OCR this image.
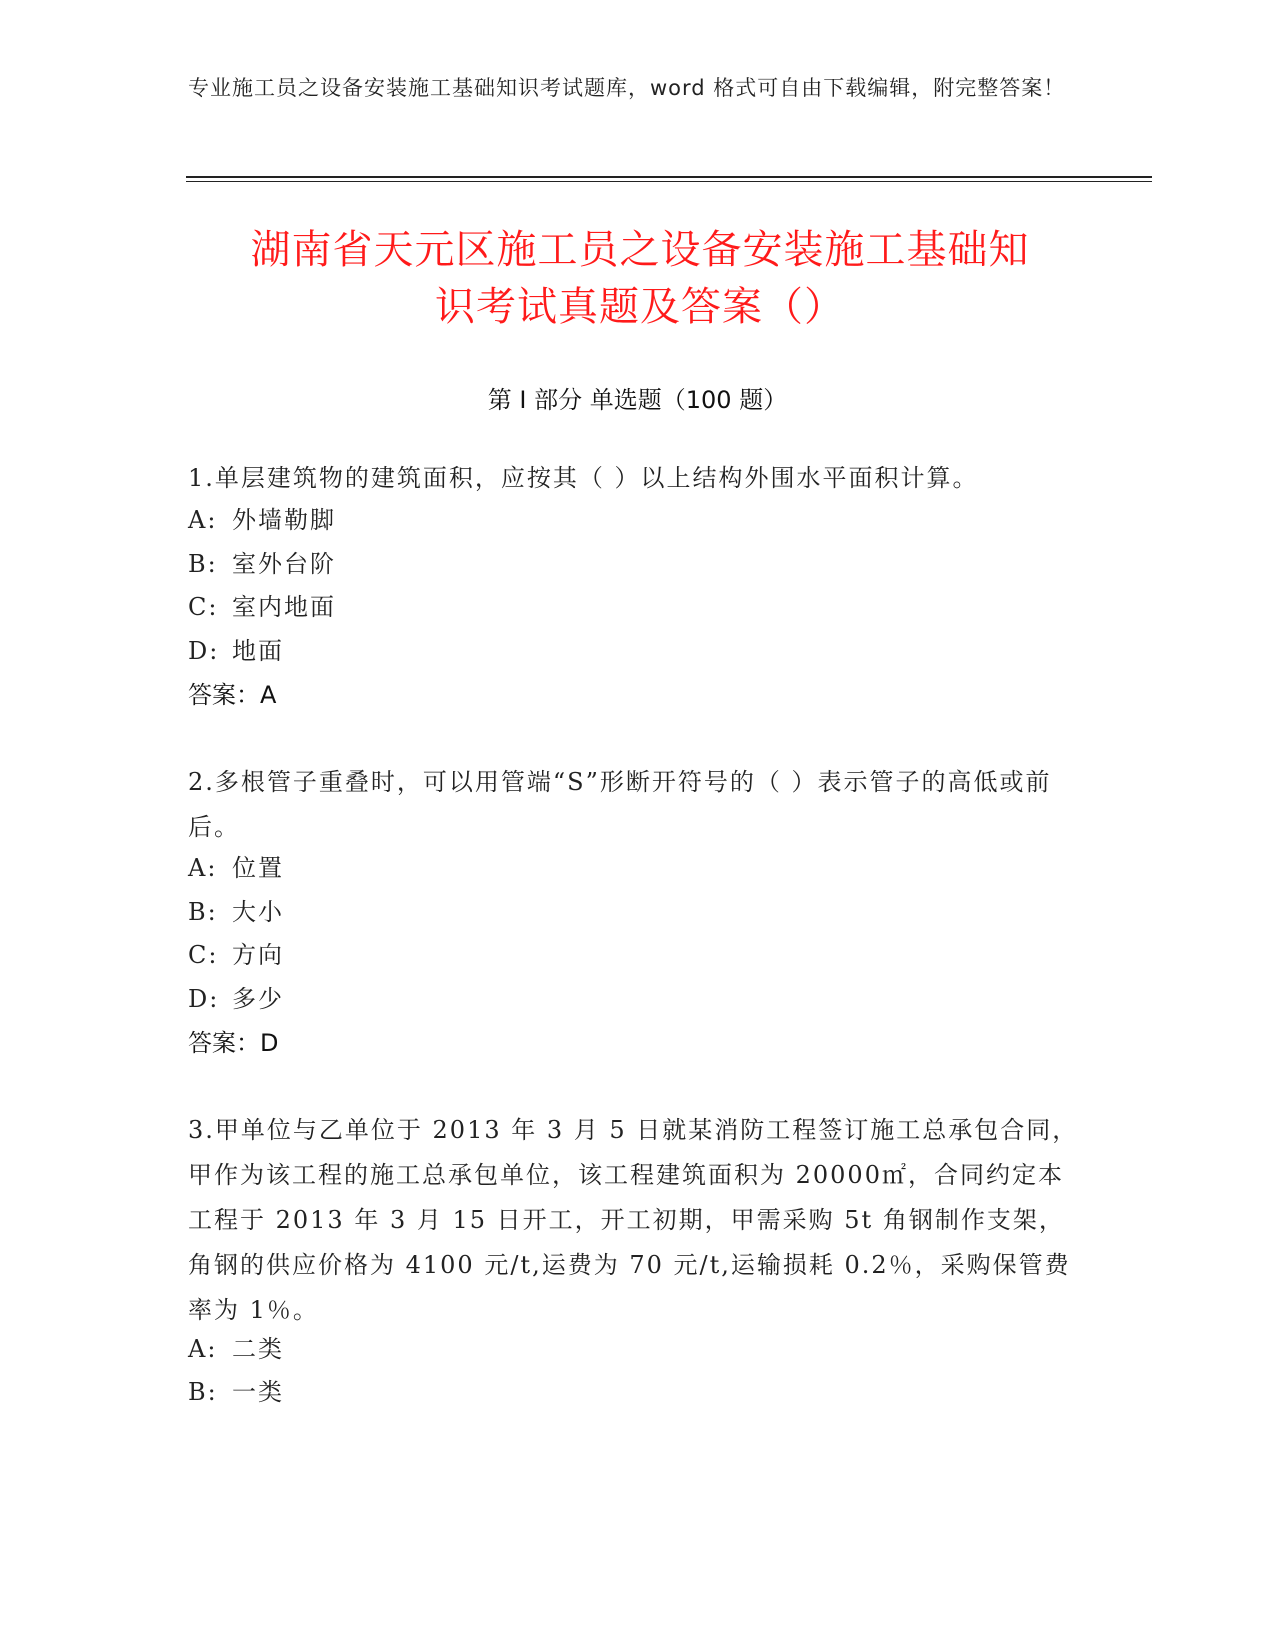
专业施工员之设备安装施工基础知识考试题库，word 格式可自由下载编辑，附完整答案！
湖南省天元区施工员之设备安装施工基础知
识考试真题及答案（）
第 I 部分 单选题（100 题）
1.单层建筑物的建筑面积，应按其（ ）以上结构外围水平面积计算。
A: 外墙勒脚
B: 室外台阶
C: 室内地面
D: 地面
答案：A
2.多根管子重叠时，可以用管端“S”形断开符号的（ ）表示管子的高低或前后。
A: 位置
B: 大小
C: 方向
D: 多少
答案：D
3.甲单位与乙单位于 2013 年 3 月 5 日就某消防工程签订施工总承包合同，甲作为该工程的施工总承包单位，该工程建筑面积为 20000㎡，合同约定本工程于 2013 年 3 月 15 日开工，开工初期，甲需采购 5t 角钢制作支架，角钢的供应价格为 4100 元/t,运费为 70 元/t,运输损耗 0.2％，采购保管费率为 1％。
A: 二类
B: 一类
